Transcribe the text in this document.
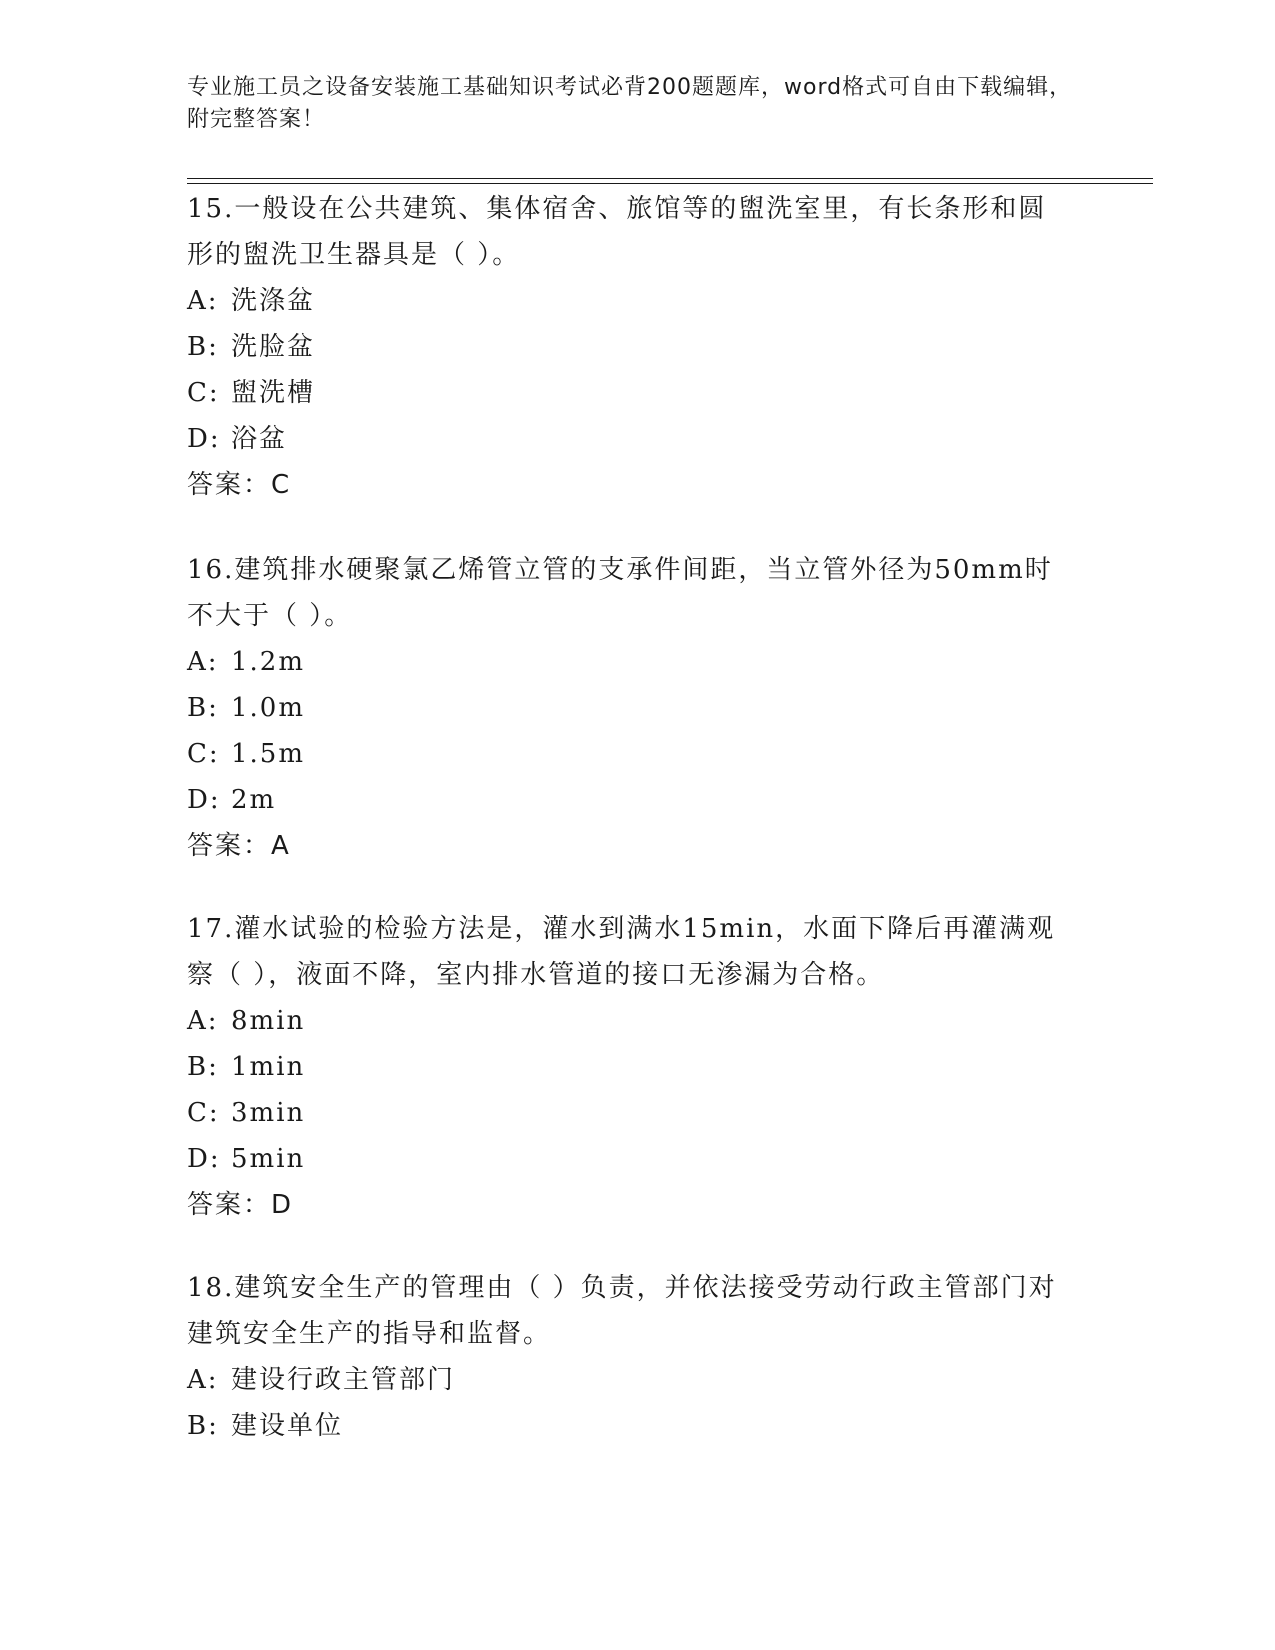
专业施工员之设备安装施工基础知识考试必背200题题库，word格式可自由下载编辑，附完整答案！

15.一般设在公共建筑、集体宿舍、旅馆等的盥洗室里，有长条形和圆形的盥洗卫生器具是（ ）。

A: 洗涤盆
B: 洗脸盆
C: 盥洗槽
D: 浴盆
答案：C

16.建筑排水硬聚氯乙烯管立管的支承件间距，当立管外径为50mm时不大于（ ）。

A: 1.2m
B: 1.0m
C: 1.5m
D: 2m
答案：A

17.灌水试验的检验方法是，灌水到满水15min，水面下降后再灌满观察（ ），液面不降，室内排水管道的接口无渗漏为合格。

A: 8min
B: 1min
C: 3min
D: 5min
答案：D

18.建筑安全生产的管理由（ ）负责，并依法接受劳动行政主管部门对建筑安全生产的指导和监督。

A: 建设行政主管部门
B: 建设单位
